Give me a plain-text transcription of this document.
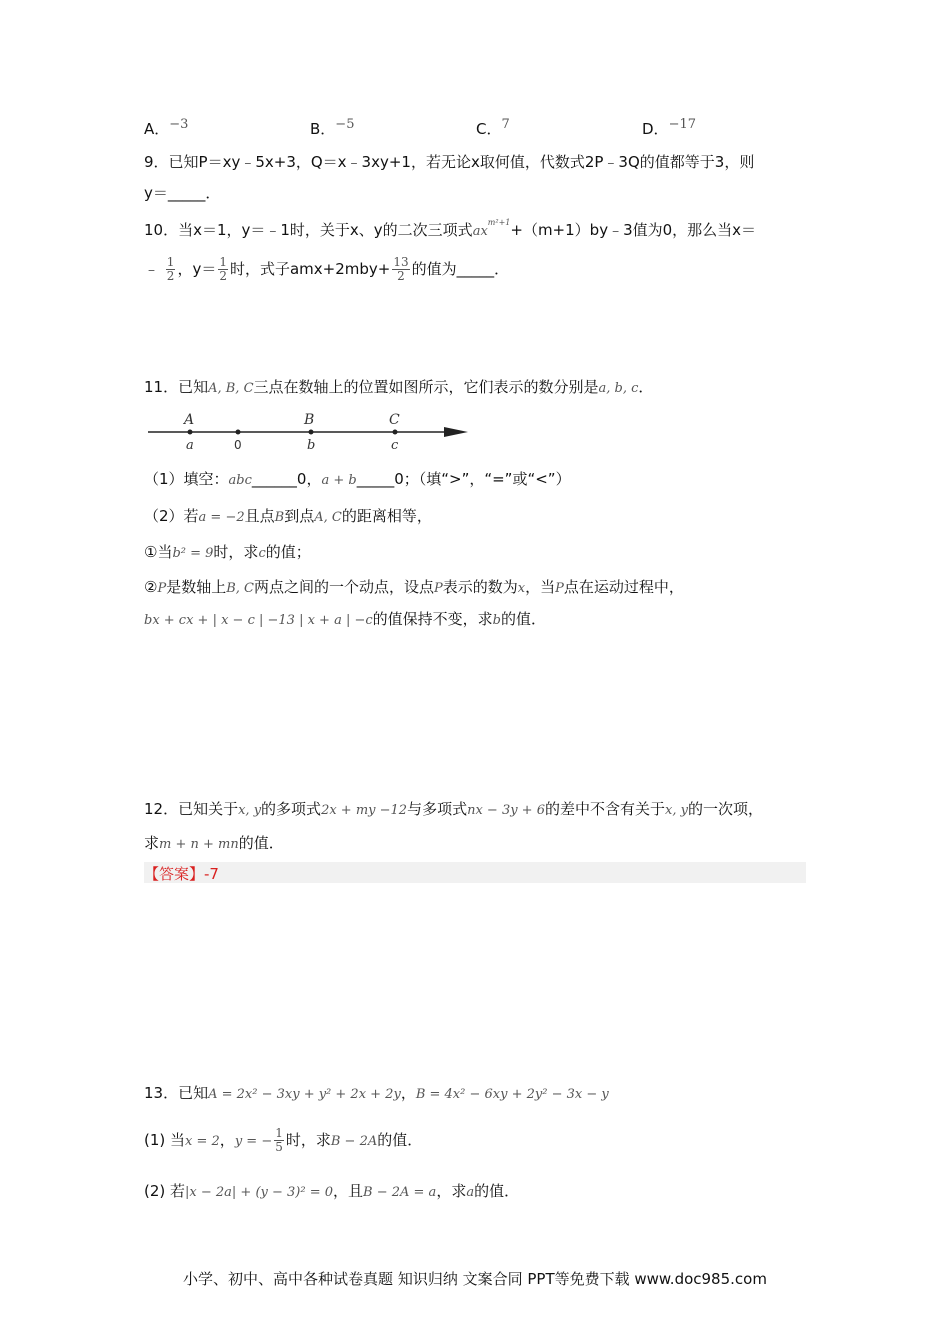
A．−3	B．−5	C．7	D．−17
9．已知P＝xy﹣5x+3，Q＝x﹣3xy+1，若无论x取何值，代数式2P﹣3Q的值都等于3，则
y＝_____．
10．当x＝1，y＝﹣1时，关于x、y的二次三项式$ax^{m^2+1}+(m+1)by﹣3$值为0，那么当x＝
﹣ $\frac{1}{2}$ ，$y= \frac{1}{2}$ 时，式子$amx+2mby+ \frac{13}{2}$ 的值为_____．
11．已知A, B, C三点在数轴上的位置如图所示，它们表示的数分别是a, b, c．
A
a	0
B
b
C
c
（1）填空：abc______0，a + b_____0；（填“>”，“=”或“<”）
（2）若a = −2且点B到点A, C的距离相等，
①当b² = 9时，求c的值；
②P是数轴上B, C两点之间的一个动点，设点P表示的数为x，当P点在运动过程中，
bx + cx + | x − c | −13 | x + a | −c的值保持不变，求b的值．
12．已知关于x, y的多项式2x + my −12与多项式nx − 3y + 6的差中不含有关于x, y的一次项，
求m + n + mn的值．
【答案】-7
13．已知A = 2x² − 3xy + y² + 2x + 2y，B = 4x² − 6xy + 2y² − 3x − y
(1) 当x = 2，y = − $\frac{1}{5}$ 时，求B − 2A的值．
(2) 若|x − 2a| + (y − 3)² = 0，且B − 2A = a，求a的值．
小学、初中、高中各种试卷真题 知识归纳 文案合同 PPT等免费下载 www.doc985.com
